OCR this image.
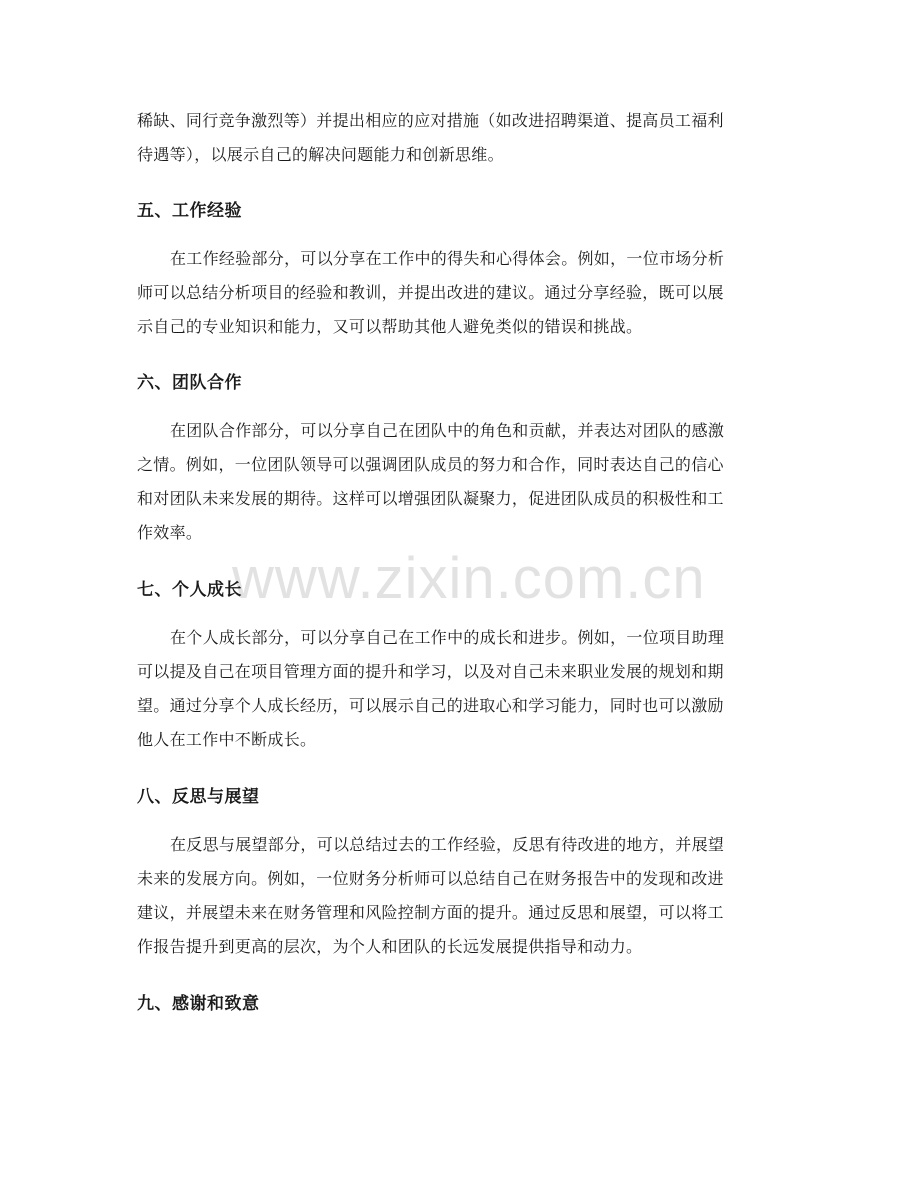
稀缺、同行竞争激烈等）并提出相应的应对措施（如改进招聘渠道、提高员工福利
待遇等），以展示自己的解决问题能力和创新思维。
五、工作经验
在工作经验部分，可以分享在工作中的得失和心得体会。例如，一位市场分析
师可以总结分析项目的经验和教训，并提出改进的建议。通过分享经验，既可以展
示自己的专业知识和能力，又可以帮助其他人避免类似的错误和挑战。
六、团队合作
在团队合作部分，可以分享自己在团队中的角色和贡献，并表达对团队的感激
之情。例如，一位团队领导可以强调团队成员的努力和合作，同时表达自己的信心
和对团队未来发展的期待。这样可以增强团队凝聚力，促进团队成员的积极性和工
作效率。
www.zixin.com.cn
七、个人成长
在个人成长部分，可以分享自己在工作中的成长和进步。例如，一位项目助理
可以提及自己在项目管理方面的提升和学习，以及对自己未来职业发展的规划和期
望。通过分享个人成长经历，可以展示自己的进取心和学习能力，同时也可以激励
他人在工作中不断成长。
八、反思与展望
在反思与展望部分，可以总结过去的工作经验，反思有待改进的地方，并展望
未来的发展方向。例如，一位财务分析师可以总结自己在财务报告中的发现和改进
建议，并展望未来在财务管理和风险控制方面的提升。通过反思和展望，可以将工
作报告提升到更高的层次，为个人和团队的长远发展提供指导和动力。
九、感谢和致意
